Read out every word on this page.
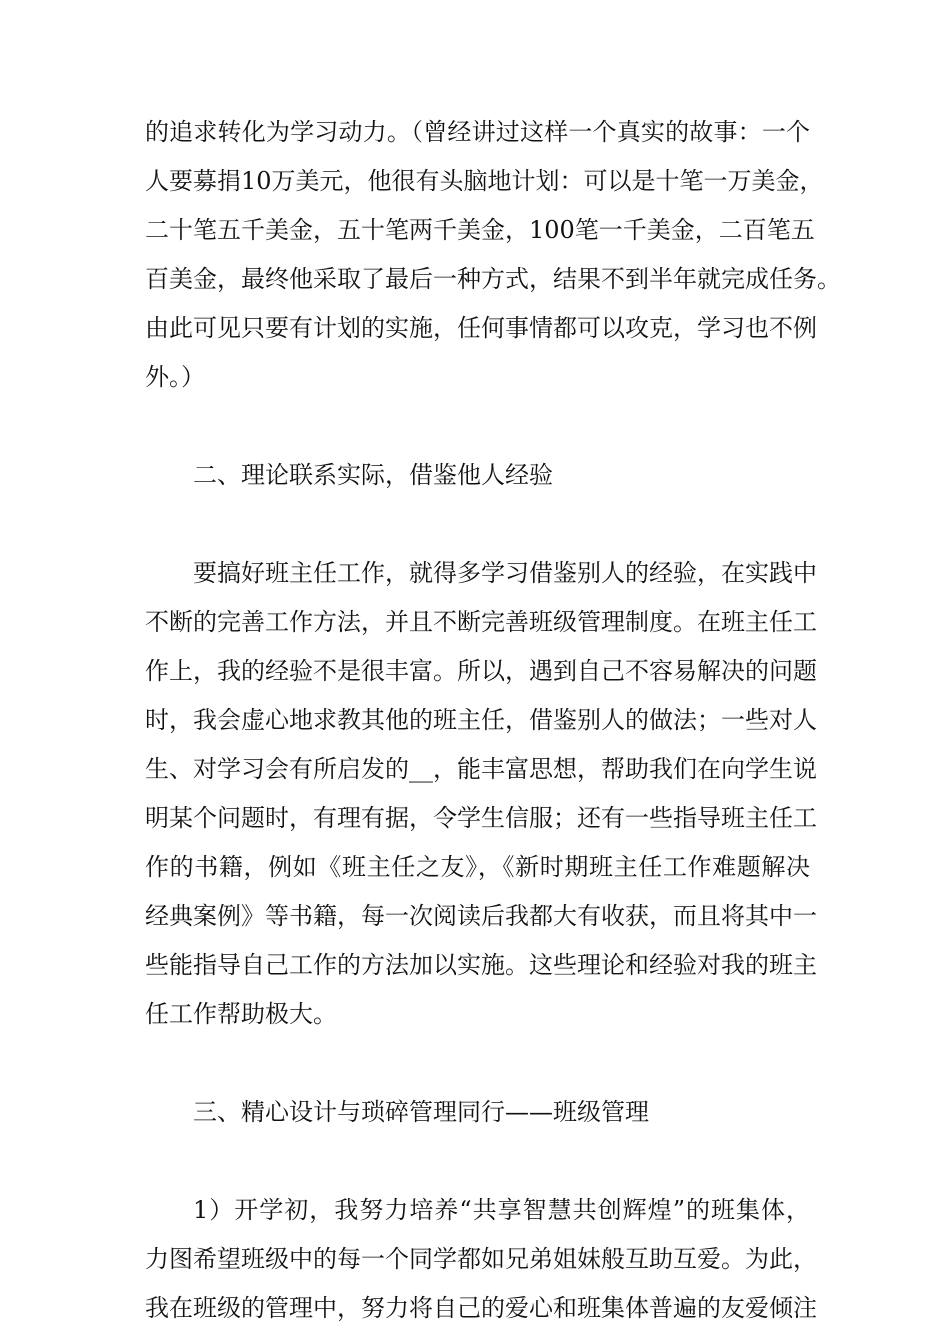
的追求转化为学习动力。（曾经讲过这样一个真实的故事：一个
人要募捐10万美元，他很有头脑地计划：可以是十笔一万美金，
二十笔五千美金，五十笔两千美金，100笔一千美金，二百笔五
百美金，最终他采取了最后一种方式，结果不到半年就完成任务。
由此可见只要有计划的实施，任何事情都可以攻克，学习也不例
外。）
二、理论联系实际，借鉴他人经验
要搞好班主任工作，就得多学习借鉴别人的经验，在实践中
不断的完善工作方法，并且不断完善班级管理制度。在班主任工
作上，我的经验不是很丰富。所以，遇到自己不容易解决的问题
时，我会虚心地求教其他的班主任，借鉴别人的做法；一些对人
生、对学习会有所启发的__，能丰富思想，帮助我们在向学生说
明某个问题时，有理有据，令学生信服；还有一些指导班主任工
作的书籍，例如《班主任之友》，《新时期班主任工作难题解决
经典案例》等书籍，每一次阅读后我都大有收获，而且将其中一
些能指导自己工作的方法加以实施。这些理论和经验对我的班主
任工作帮助极大。
三、精心设计与琐碎管理同行——班级管理
1）开学初，我努力培养“共享智慧共创辉煌”的班集体，
力图希望班级中的每一个同学都如兄弟姐妹般互助互爱。为此，
我在班级的管理中，努力将自己的爱心和班集体普遍的友爱倾注
